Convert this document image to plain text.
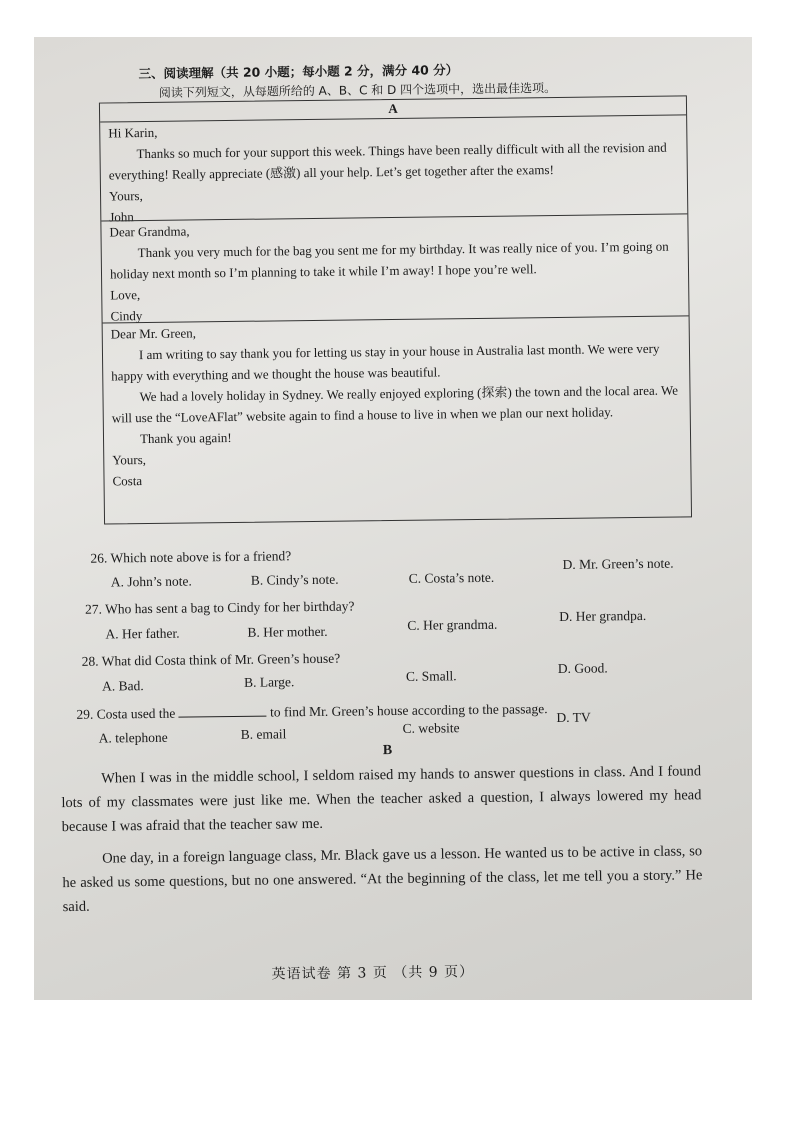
三、阅读理解（共 20 小题；每小题 2 分，满分 40 分）
阅读下列短文，从每题所给的 A、B、C 和 D 四个选项中，选出最佳选项。
A

Hi Karin,

Thanks so much for your support this week. Things have been really difficult with all the revision and everything! Really appreciate (感激) all your help. Let’s get together after the exams!

Yours,

John

Dear Grandma,

Thank you very much for the bag you sent me for my birthday. It was really nice of you. I’m going on holiday next month so I’m planning to take it while I’m away! I hope you’re well.

Love,

Cindy

Dear Mr. Green,

I am writing to say thank you for letting us stay in your house in Australia last month. We were very happy with everything and we thought the house was beautiful.

We had a lovely holiday in Sydney. We really enjoyed exploring (探索) the town and the local area. We will use the “LoveAFlat” website again to find a house to live in when we plan our next holiday.

Thank you again!

Yours,

Costa

26. Which note above is for a friend?
A. John’s note.	B. Cindy’s note.	C. Costa’s note.
D. Mr. Green’s note.
27. Who has sent a bag to Cindy for her birthday?
A. Her father.	B. Her mother.	C. Her grandma.
D. Her grandpa.
28. What did Costa think of Mr. Green’s house?
A. Bad.	B. Large.	C. Small.
D. Good.
29. Costa used the	to find Mr. Green’s house according to the passage.
A. telephone	B. email	C. website
D. TV
B
When I was in the middle school, I seldom raised my hands to answer questions in class. And I found lots of my classmates were just like me. When the teacher asked a question, I always lowered my head because I was afraid that the teacher saw me.
One day, in a foreign language class, Mr. Black gave us a lesson. He wanted us to be active in class, so he asked us some questions, but no one answered. “At the beginning of the class, let me tell you a story.” He said.
英语试卷 第 3 页 （共 9 页）
